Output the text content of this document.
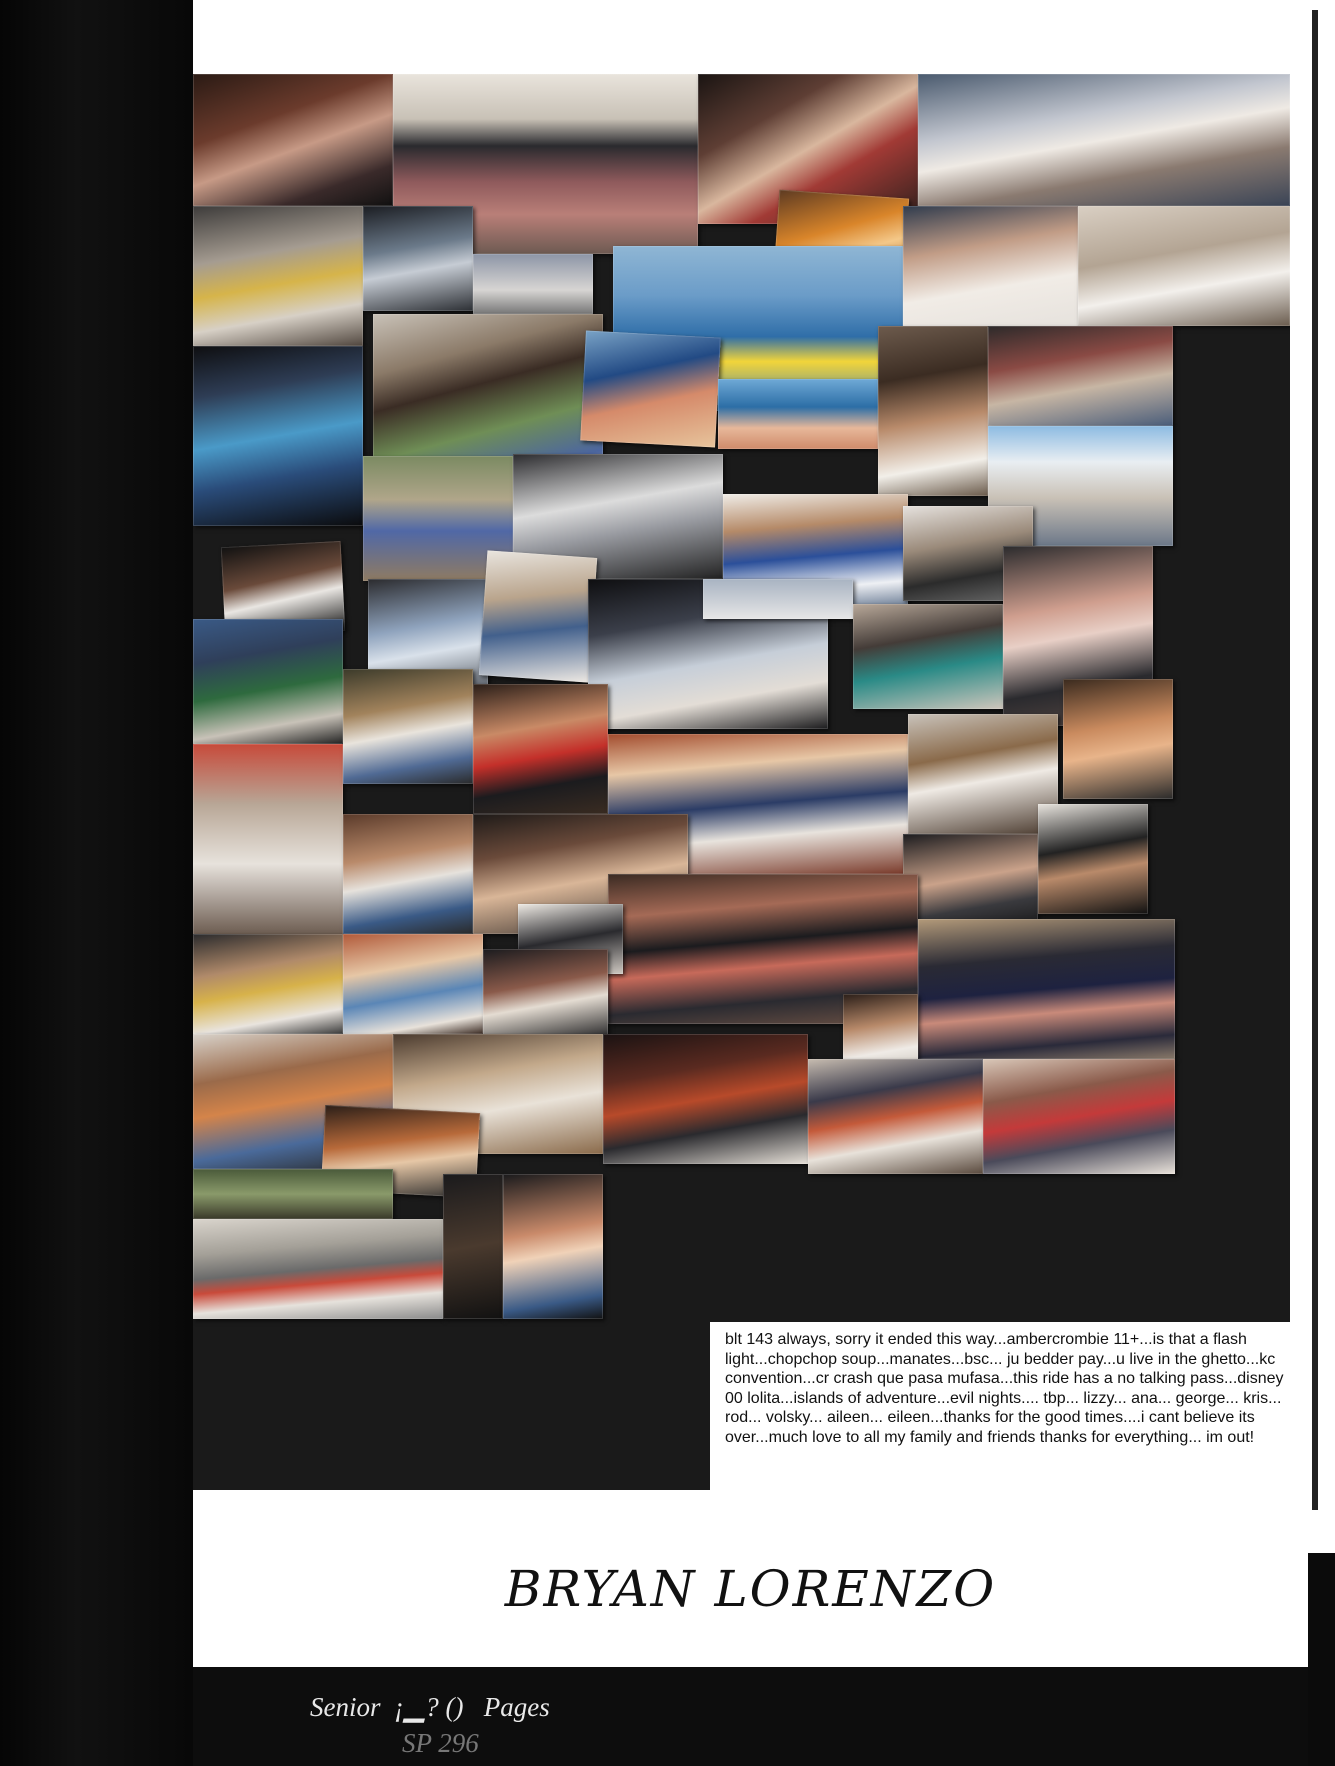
blt 143 always, sorry it ended this way...ambercrombie 11+...is that a flash light...chopchop soup...manates...bsc... ju bedder pay...u live in the ghetto...kc convention...cr crash que pasa mufasa...this ride has a no talking pass...disney 00 lolita...islands of adventure...evil nights.... tbp... lizzy... ana... george... kris... rod... volsky... aileen... eileen...thanks for the good times....i cant believe its over...much love to all my family and friends thanks for everything... im out!
BRYAN LORENZO
Senior  ¡▁? ()   Pages
SP 296
